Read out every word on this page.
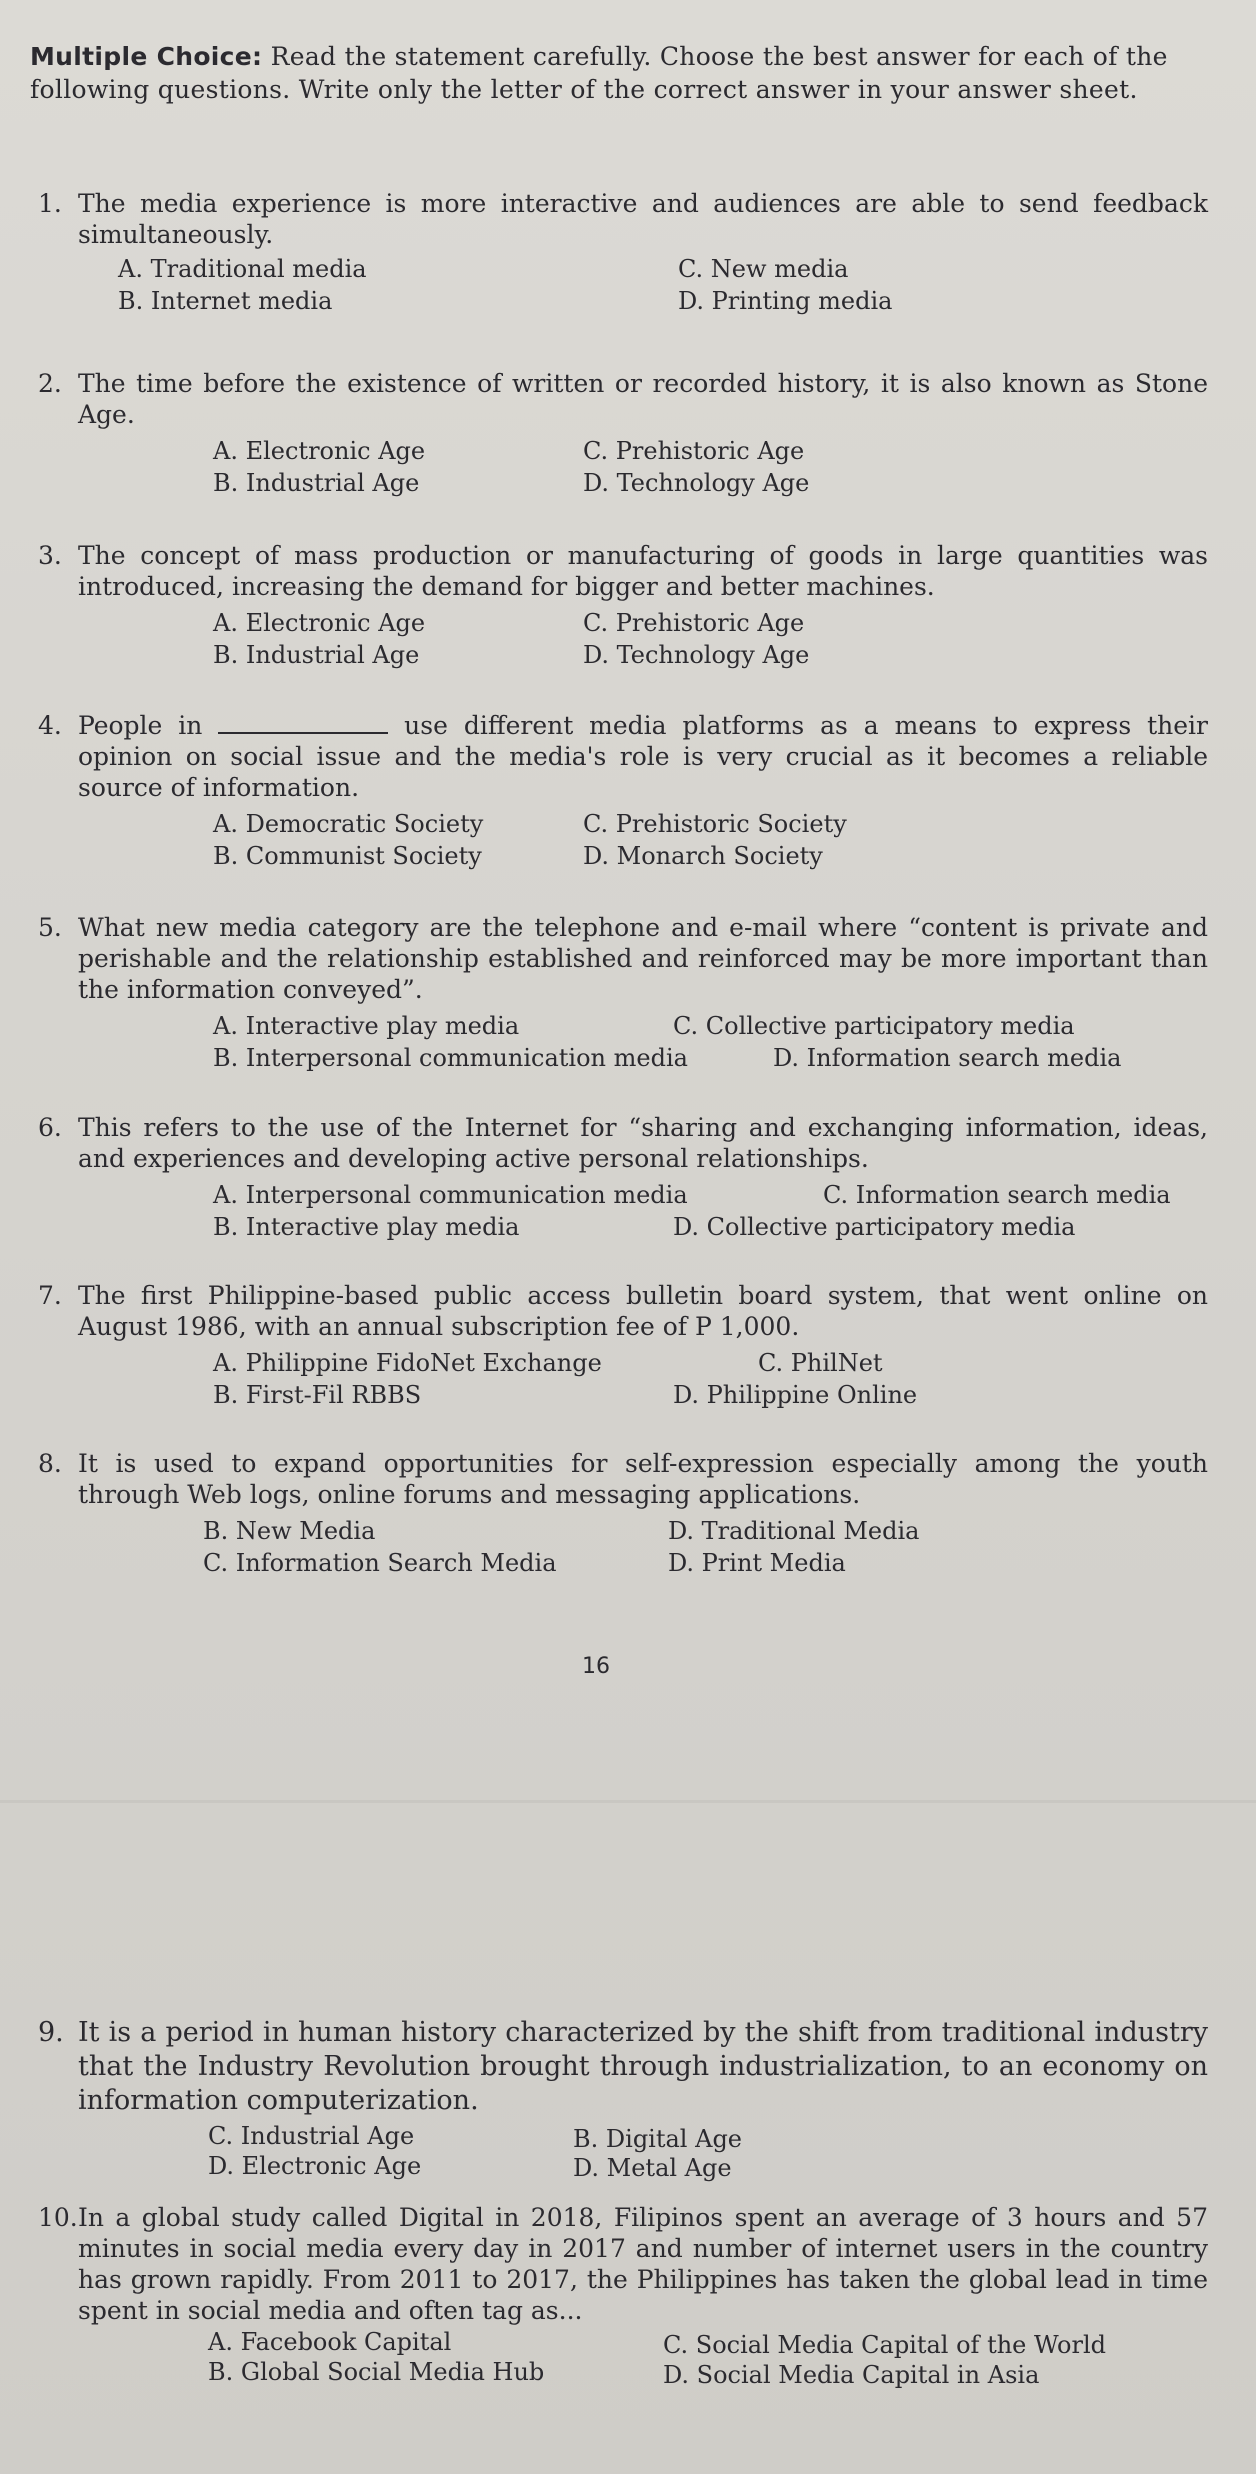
Multiple Choice: Read the statement carefully. Choose the best answer for each of the following questions. Write only the letter of the correct answer in your answer sheet.
1. The media experience is more interactive and audiences are able to send feedback simultaneously.
A. Traditional media	C. New media
B. Internet media	D. Printing media
2. The time before the existence of written or recorded history, it is also known as Stone Age.
A. Electronic Age	C. Prehistoric Age
B. Industrial Age	D. Technology Age
3. The concept of mass production or manufacturing of goods in large quantities was introduced, increasing the demand for bigger and better machines.
A. Electronic Age	C. Prehistoric Age
B. Industrial Age	D. Technology Age
4. People in	use different media platforms as a means to express their opinion on social issue and the media's role is very crucial as it becomes a reliable source of information.
A. Democratic Society	C. Prehistoric Society
B. Communist Society	D. Monarch Society
5. What new media category are the telephone and e-mail where “content is private and perishable and the relationship established and reinforced may be more important than the information conveyed”.
A. Interactive play media	C. Collective participatory media
B. Interpersonal communication media	D. Information search media
6. This refers to the use of the Internet for “sharing and exchanging information, ideas, and experiences and developing active personal relationships.
A. Interpersonal communication media	C. Information search media
B. Interactive play media	D. Collective participatory media
7. The first Philippine-based public access bulletin board system, that went online on August 1986, with an annual subscription fee of P 1,000.
A. Philippine FidoNet Exchange	C. PhilNet
B. First-Fil RBBS	D. Philippine Online
8. It is used to expand opportunities for self-expression especially among the youth through Web logs, online forums and messaging applications.
B. New Media	D. Traditional Media
C. Information Search Media	D. Print Media
16
9. It is a period in human history characterized by the shift from traditional industry that the Industry Revolution brought through industrialization, to an economy on information computerization.
C. Industrial Age	B. Digital Age
D. Electronic Age	D. Metal Age
10.In a global study called Digital in 2018, Filipinos spent an average of 3 hours and 57 minutes in social media every day in 2017 and number of internet users in the country has grown rapidly. From 2011 to 2017, the Philippines has taken the global lead in time spent in social media and often tag as...
A. Facebook Capital	C. Social Media Capital of the World
B. Global Social Media Hub	D. Social Media Capital in Asia
